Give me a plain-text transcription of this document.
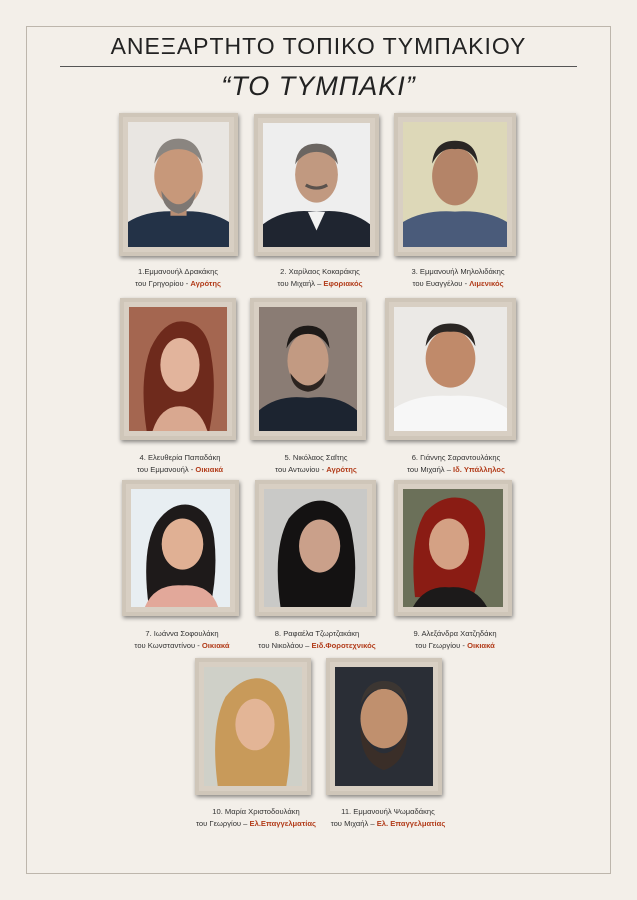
ΑΝΕΞΑΡΤΗΤΟ ΤΟΠΙΚΟ ΤΥΜΠΑΚΙΟΥ
“ΤΟ ΤΥΜΠΑΚΙ”
1.Εμμανουήλ Δρακάκης
του Γρηγορίου - Αγρότης
2. Χαρίλαος Κοκαράκης
του Μιχαήλ – Εφοριακός
3. Εμμανουήλ Μηλολιδάκης
του Ευαγγέλου - Λιμενικός
4. Ελευθερία Παπαδάκη
του Εμμανουήλ - Οικιακά
5. Νικόλαος Σαΐτης
του Αντωνίου - Αγρότης
6. Γιάννης Σαραντουλάκης
του Μιχαήλ – Ιδ. Υπάλληλος
7. Ιωάννα Σοφουλάκη
του Κωνσταντίνου - Οικιακά
8. Ραφαέλα Τζωρτζακάκη
του Νικολάου – Ειδ.Φοροτεχνικός
9. Αλεξάνδρα Χατζηδάκη
του Γεωργίου - Οικιακά
10. Μαρία Χριστοδουλάκη
του Γεωργίου – Ελ.Επαγγελματίας
11. Εμμανουήλ Ψωμαδάκης
του Μιχαήλ – Ελ. Επαγγελματίας
